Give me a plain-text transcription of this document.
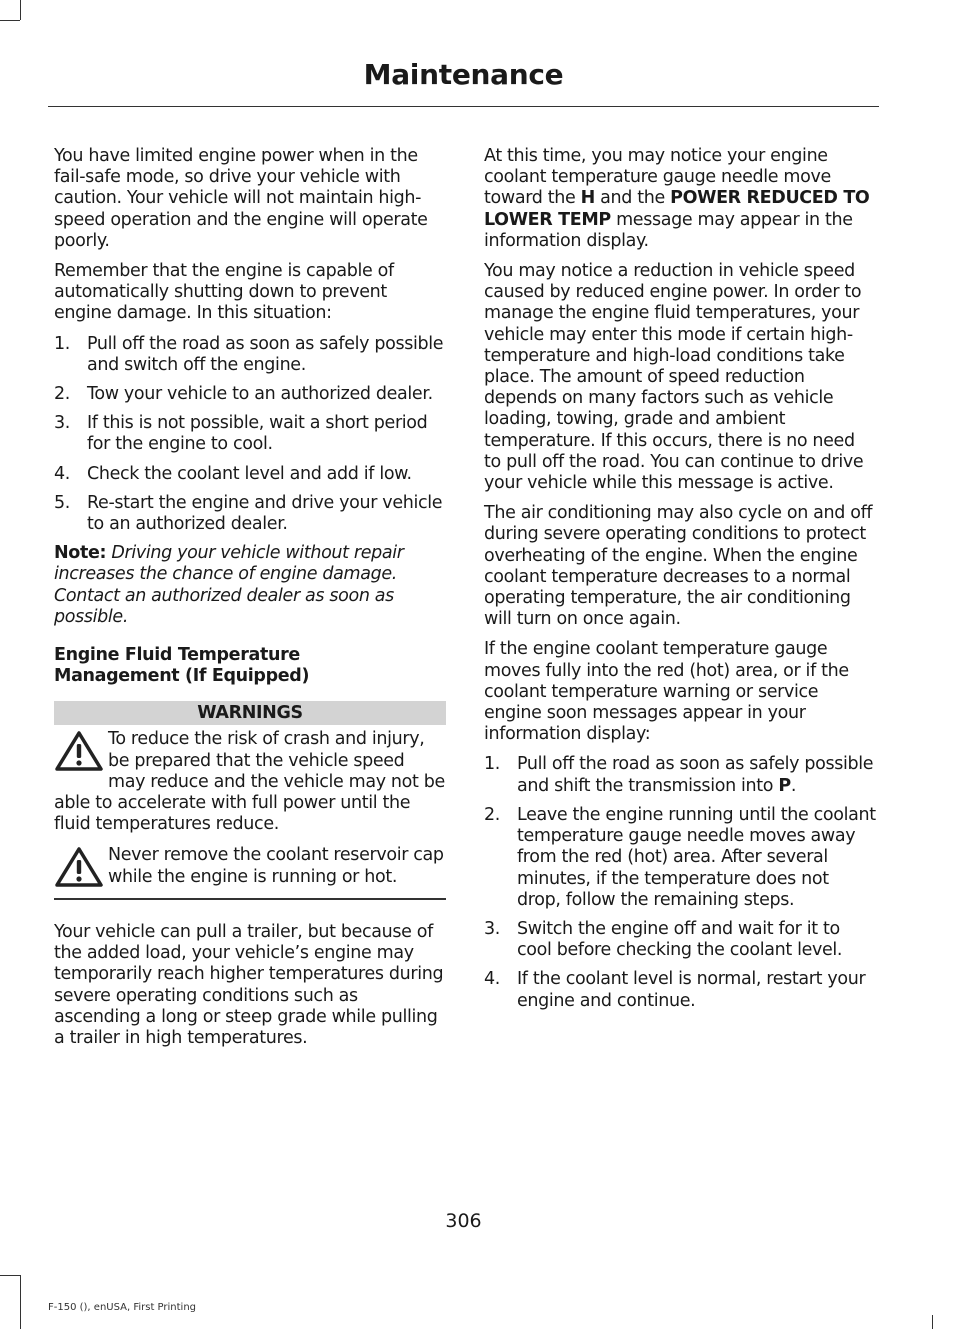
Maintenance

You have limited engine power when in the fail-safe mode, so drive your vehicle with caution. Your vehicle will not maintain high-speed operation and the engine will operate poorly.

Remember that the engine is capable of automatically shutting down to prevent engine damage. In this situation:

1. Pull off the road as soon as safely possible and switch off the engine.
2. Tow your vehicle to an authorized dealer.
3. If this is not possible, wait a short period for the engine to cool.
4. Check the coolant level and add if low.
5. Re-start the engine and drive your vehicle to an authorized dealer.

Note: Driving your vehicle without repair increases the chance of engine damage. Contact an authorized dealer as soon as possible.

Engine Fluid Temperature Management (If Equipped)
WARNINGS
To reduce the risk of crash and injury, be prepared that the vehicle speed may reduce and the vehicle may not be able to accelerate with full power until the fluid temperatures reduce.
Never remove the coolant reservoir cap while the engine is running or hot.

Your vehicle can pull a trailer, but because of the added load, your vehicle’s engine may temporarily reach higher temperatures during severe operating conditions such as ascending a long or steep grade while pulling a trailer in high temperatures.

At this time, you may notice your engine coolant temperature gauge needle move toward the H and the POWER REDUCED TO LOWER TEMP message may appear in the information display.

You may notice a reduction in vehicle speed caused by reduced engine power. In order to manage the engine fluid temperatures, your vehicle may enter this mode if certain high-temperature and high-load conditions take place. The amount of speed reduction depends on many factors such as vehicle loading, towing, grade and ambient temperature. If this occurs, there is no need to pull off the road. You can continue to drive your vehicle while this message is active.

The air conditioning may also cycle on and off during severe operating conditions to protect overheating of the engine. When the engine coolant temperature decreases to a normal operating temperature, the air conditioning will turn on once again.

If the engine coolant temperature gauge moves fully into the red (hot) area, or if the coolant temperature warning or service engine soon messages appear in your information display:

1. Pull off the road as soon as safely possible and shift the transmission into P.
2. Leave the engine running until the coolant temperature gauge needle moves away from the red (hot) area. After several minutes, if the temperature does not drop, follow the remaining steps.
3. Switch the engine off and wait for it to cool before checking the coolant level.
4. If the coolant level is normal, restart your engine and continue.
306
F-150 (), enUSA, First Printing
